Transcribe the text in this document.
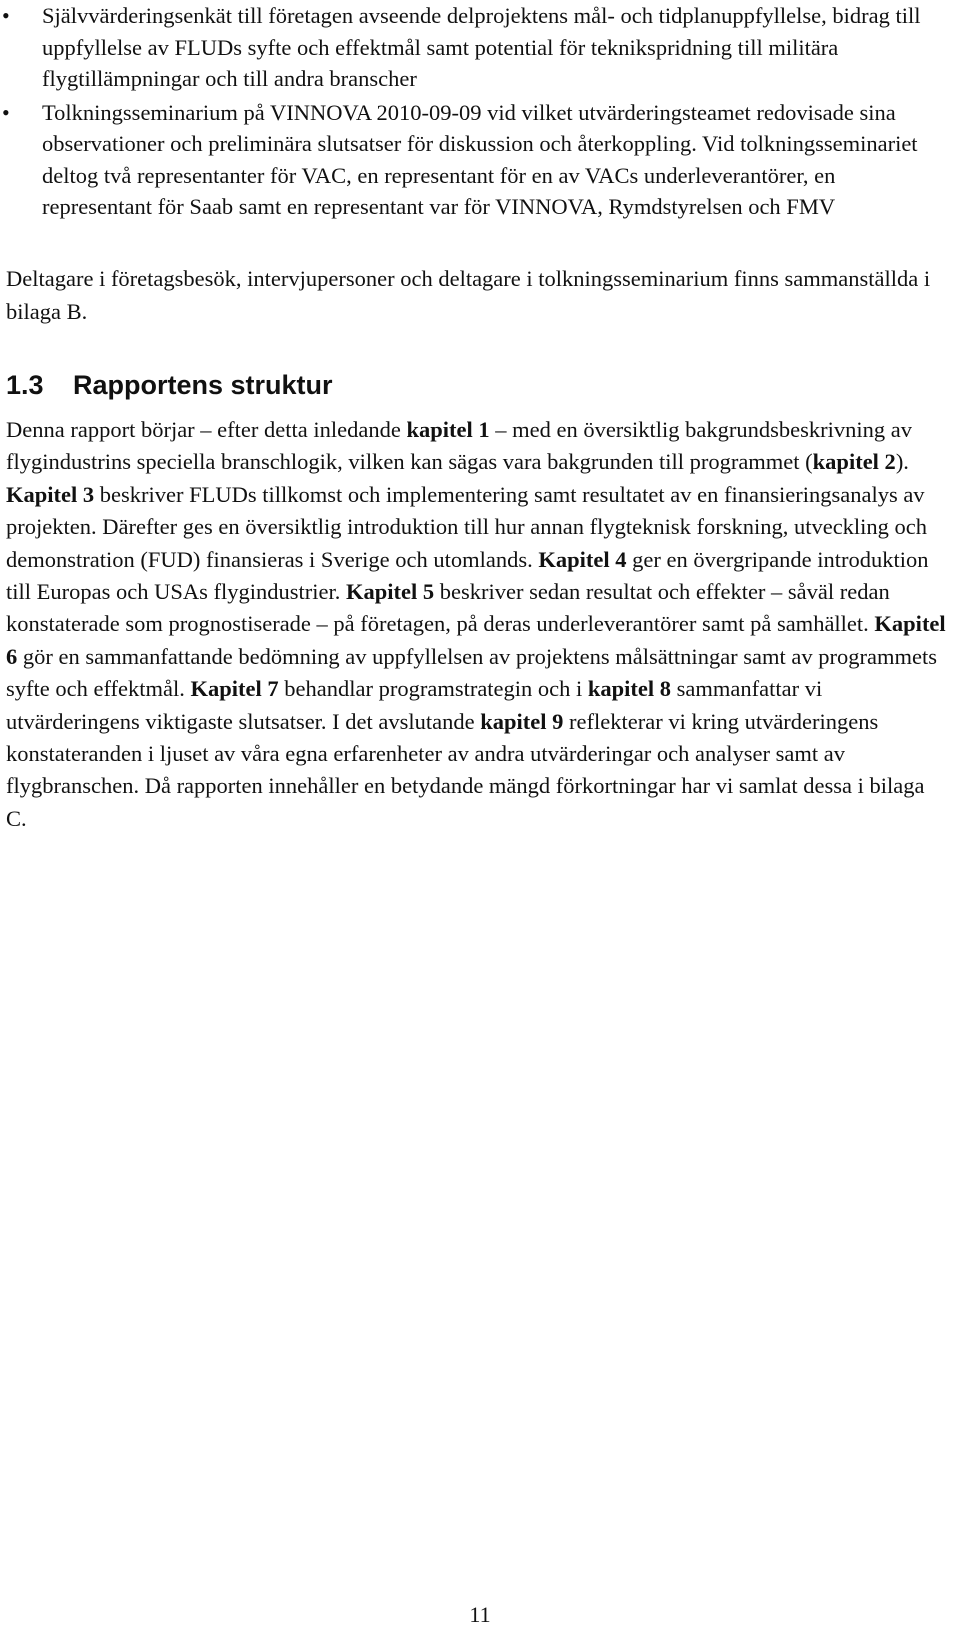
• Självvärderingsenkät till företagen avseende delprojektens mål- och tidplanuppfyllelse, bidrag till uppfyllelse av FLUDs syfte och effektmål samt potential för teknikspridning till militära flygtillämpningar och till andra branscher
• Tolkningsseminarium på VINNOVA 2010-09-09 vid vilket utvärderingsteamet redovisade sina observationer och preliminära slutsatser för diskussion och återkoppling. Vid tolkningsseminariet deltog två representanter för VAC, en representant för en av VACs underleverantörer, en representant för Saab samt en representant var för VINNOVA, Rymdstyrelsen och FMV

Deltagare i företagsbesök, intervjupersoner och deltagare i tolkningsseminarium finns sammanställda i bilaga B.

1.3 Rapportens struktur

Denna rapport börjar – efter detta inledande kapitel 1 – med en översiktlig bakgrundsbeskrivning av flygindustrins speciella branschlogik, vilken kan sägas vara bakgrunden till programmet (kapitel 2). Kapitel 3 beskriver FLUDs tillkomst och implementering samt resultatet av en finansieringsanalys av projekten. Därefter ges en översiktlig introduktion till hur annan flygteknisk forskning, utveckling och demonstration (FUD) finansieras i Sverige och utomlands. Kapitel 4 ger en övergripande introduktion till Europas och USAs flygindustrier. Kapitel 5 beskriver sedan resultat och effekter – såväl redan konstaterade som prognostiserade – på företagen, på deras underleverantörer samt på samhället. Kapitel 6 gör en sammanfattande bedömning av uppfyllelsen av projektens målsättningar samt av programmets syfte och effektmål. Kapitel 7 behandlar programstrategin och i kapitel 8 sammanfattar vi utvärderingens viktigaste slutsatser. I det avslutande kapitel 9 reflekterar vi kring utvärderingens konstateranden i ljuset av våra egna erfarenheter av andra utvärderingar och analyser samt av flygbranschen. Då rapporten innehåller en betydande mängd förkortningar har vi samlat dessa i bilaga C.

11
